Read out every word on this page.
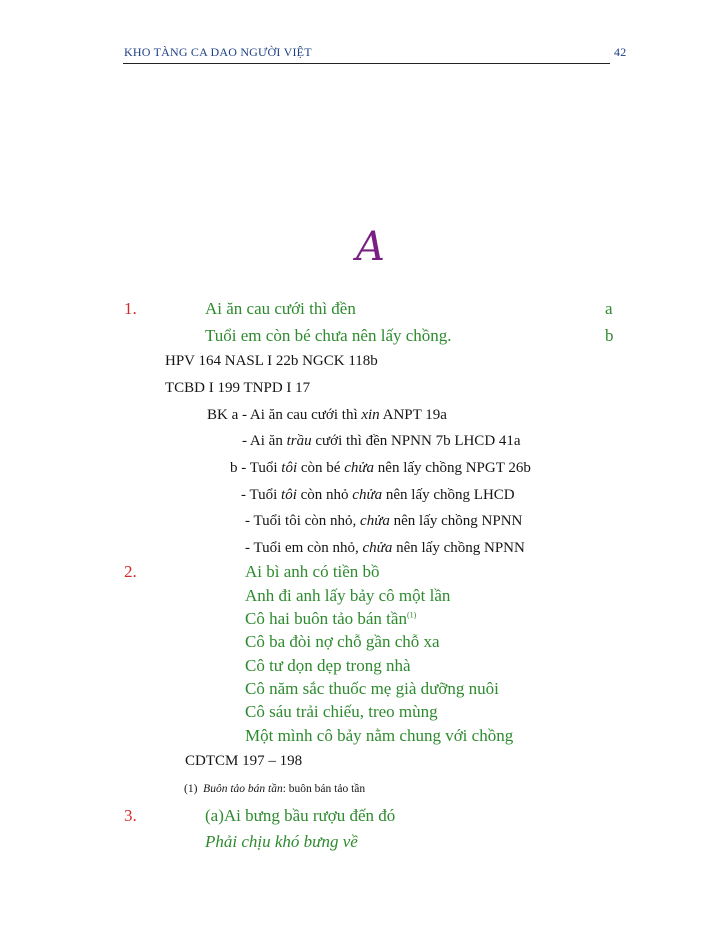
KHO TÀNG CA DAO NGƯỜI VIỆT	42
A
1.	Ai ăn cau cưới thì đền	a
Tuổi em còn bé chưa nên lấy chồng.	b
HPV 164 NASL I 22b NGCK 118b
TCBD I 199 TNPD I 17
BK a - Ai ăn cau cưới thì xin ANPT 19a
- Ai ăn trầu cưới thì đền NPNN 7b LHCD 41a
b - Tuổi tôi còn bé chửa nên lấy chồng NPGT 26b
- Tuổi tôi còn nhỏ chửa nên lấy chồng LHCD
- Tuổi tôi còn nhỏ, chửa nên lấy chồng NPNN
- Tuổi em còn nhỏ, chửa nên lấy chồng NPNN
2.	Ai bì anh có tiền bồ
Anh đi anh lấy bảy cô một lần
Cô hai buôn tảo bán tần$^{(1)}$
Cô ba đòi nợ chỗ gần chỗ xa
Cô tư dọn dẹp trong nhà
Cô năm sắc thuốc mẹ già dưỡng nuôi
Cô sáu trải chiếu, treo mùng
Một mình cô bảy nằm chung với chồng
CDTCM 197 – 198
(1) Buôn tảo bán tần: buôn bán tảo tần
3.	(a)Ai bưng bầu rượu đến đó
Phải chịu khó bưng về
